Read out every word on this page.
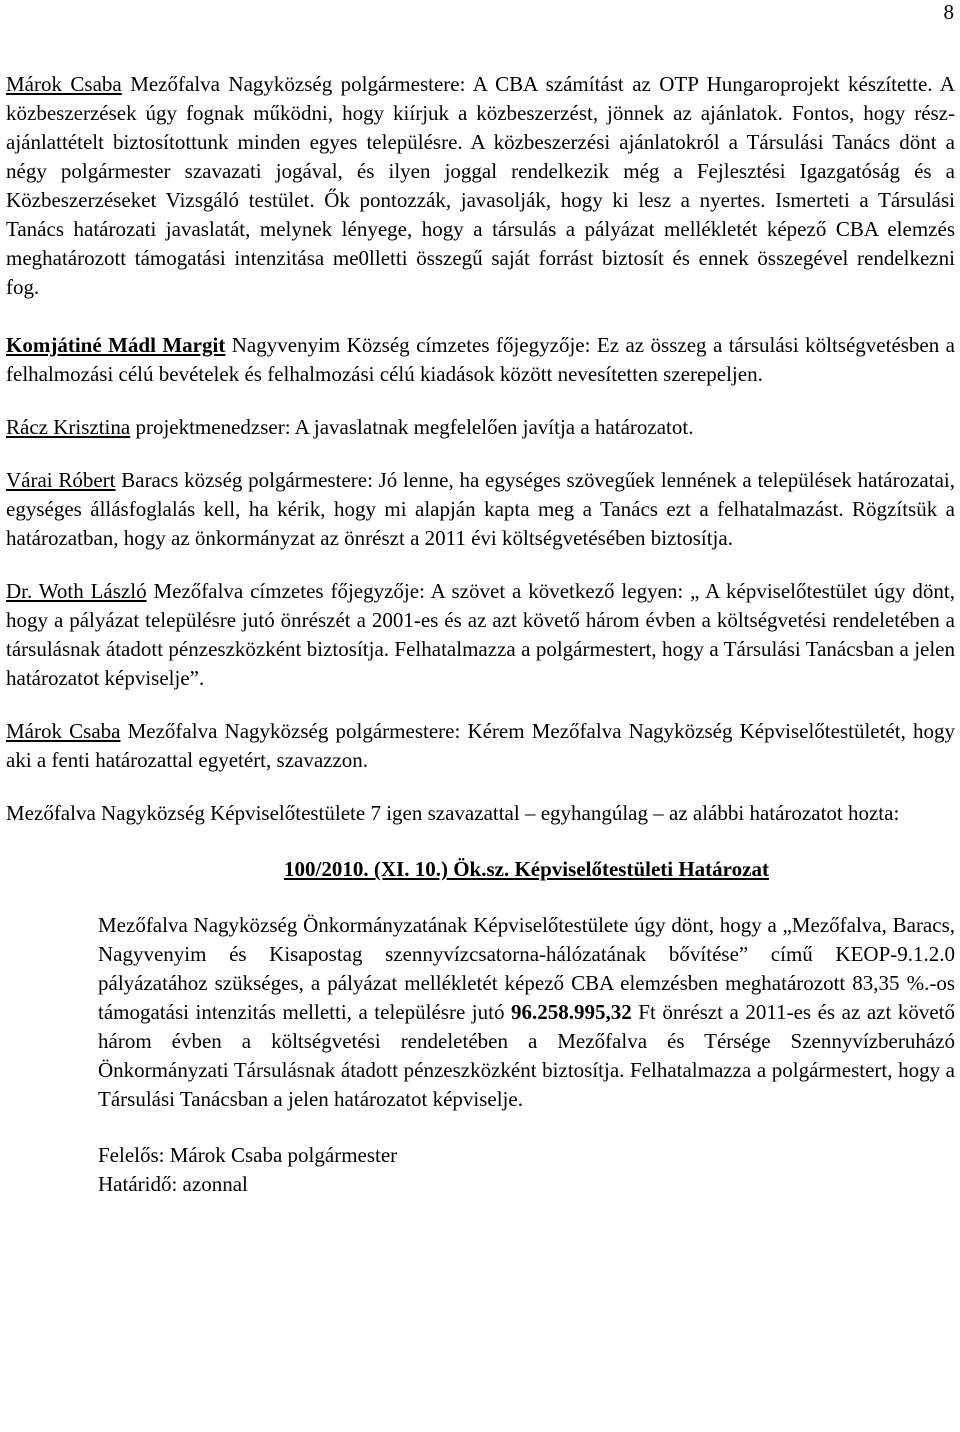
8

Márok Csaba Mezőfalva Nagyközség polgármestere: A CBA számítást az OTP Hungaroprojekt készítette. A közbeszerzések úgy fognak működni, hogy kiírjuk a közbeszerzést, jönnek az ajánlatok. Fontos, hogy rész-ajánlattételt biztosítottunk minden egyes településre. A közbeszerzési ajánlatokról a Társulási Tanács dönt a négy polgármester szavazati jogával, és ilyen joggal rendelkezik még a Fejlesztési Igazgatóság és a Közbeszerzéseket Vizsgáló testület. Ők pontozzák, javasolják, hogy ki lesz a nyertes. Ismerteti a Társulási Tanács határozati javaslatát, melynek lényege, hogy a társulás a pályázat mellékletét képező CBA elemzés meghatározott támogatási intenzitása me0lletti összegű saját forrást biztosít és ennek összegével rendelkezni fog.

Komjátiné Mádl Margit Nagyvenyim Község címzetes főjegyzője: Ez az összeg a társulási költségvetésben a felhalmozási célú bevételek és felhalmozási célú kiadások között nevesítetten szerepeljen.

Rácz Krisztina projektmenedzser: A javaslatnak megfelelően javítja a határozatot.

Várai Róbert Baracs község polgármestere: Jó lenne, ha egységes szövegűek lennének a települések határozatai, egységes állásfoglalás kell, ha kérik, hogy mi alapján kapta meg a Tanács ezt a felhatalmazást. Rögzítsük a határozatban, hogy az önkormányzat az önrészt a 2011 évi költségvetésében biztosítja.

Dr. Woth László Mezőfalva címzetes főjegyzője: A szövet a következő legyen: „ A képviselőtestület úgy dönt, hogy a pályázat településre jutó önrészét a 2001-es és az azt követő három évben a költségvetési rendeletében a társulásnak átadott pénzeszközként biztosítja. Felhatalmazza a polgármestert, hogy a Társulási Tanácsban a jelen határozatot képviselje”.

Márok Csaba Mezőfalva Nagyközség polgármestere: Kérem Mezőfalva Nagyközség Képviselőtestületét, hogy aki a fenti határozattal egyetért, szavazzon.

Mezőfalva Nagyközség Képviselőtestülete 7 igen szavazattal – egyhangúlag – az alábbi határozatot hozta:

100/2010. (XI. 10.) Ök.sz. Képviselőtestületi Határozat

Mezőfalva Nagyközség Önkormányzatának Képviselőtestülete úgy dönt, hogy a „Mezőfalva, Baracs, Nagyvenyim és Kisapostag szennyvízcsatorna-hálózatának bővítése” című KEOP-9.1.2.0 pályázatához szükséges, a pályázat mellékletét képező CBA elemzésben meghatározott 83,35 %.-os támogatási intenzitás melletti, a településre jutó 96.258.995,32 Ft önrészt a 2011-es és az azt követő három évben a költségvetési rendeletében a Mezőfalva és Térsége Szennyvízberuházó Önkormányzati Társulásnak átadott pénzeszközként biztosítja. Felhatalmazza a polgármestert, hogy a Társulási Tanácsban a jelen határozatot képviselje.

Felelős: Márok Csaba polgármester
Határidő: azonnal
